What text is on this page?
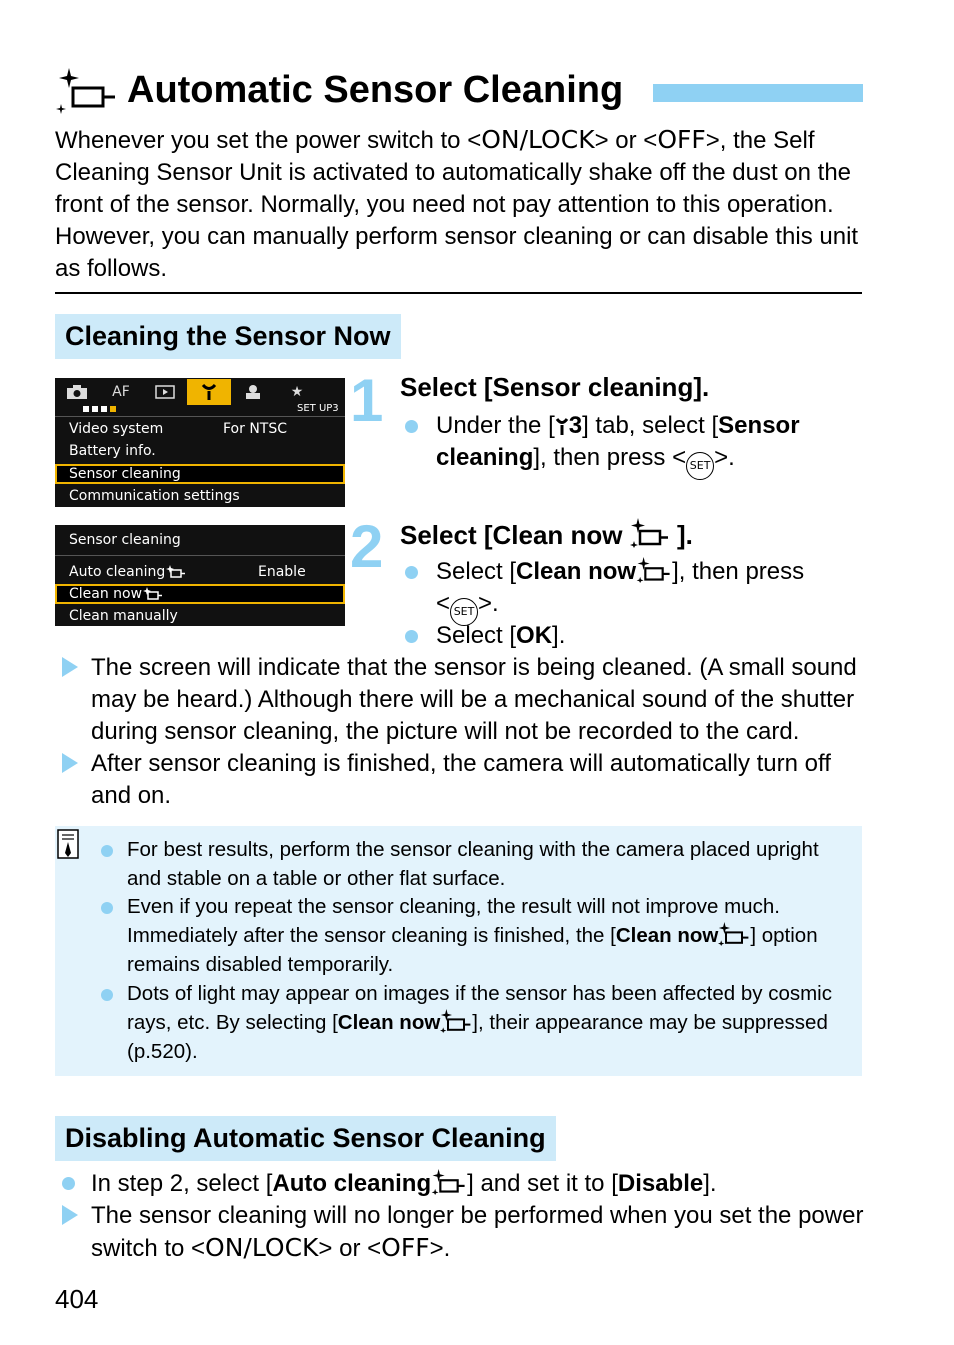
Automatic Sensor Cleaning
Whenever you set the power switch to <ON/LOCK> or <OFF>, the Self Cleaning Sensor Unit is activated to automatically shake off the dust on the front of the sensor. Normally, you need not pay attention to this operation. However, you can manually perform sensor cleaning or can disable this unit as follows.
Cleaning the Sensor Now
AF	★
SET UP3
Video system	For NTSC
Battery info.
Sensor cleaning
Communication settings
1 Select [Sensor cleaning].
Under the [ 3] tab, select [Sensor cleaning], then press < SET >.
Sensor cleaning
Auto cleaning	Enable
Clean now
Clean manually
2 Select [Clean now ].
Select [Clean now ], then press
< SET >.
Select [OK].
The screen will indicate that the sensor is being cleaned. (A small sound may be heard.) Although there will be a mechanical sound of the shutter during sensor cleaning, the picture will not be recorded to the card.
After sensor cleaning is finished, the camera will automatically turn off and on.
For best results, perform the sensor cleaning with the camera placed upright and stable on a table or other flat surface.
Even if you repeat the sensor cleaning, the result will not improve much. Immediately after the sensor cleaning is finished, the [Clean now ] option remains disabled temporarily.
Dots of light may appear on images if the sensor has been affected by cosmic rays, etc. By selecting [Clean now ], their appearance may be suppressed (p.520).
Disabling Automatic Sensor Cleaning
In step 2, select [Auto cleaning ] and set it to [Disable].
The sensor cleaning will no longer be performed when you set the power switch to <ON/LOCK> or <OFF>.
404
